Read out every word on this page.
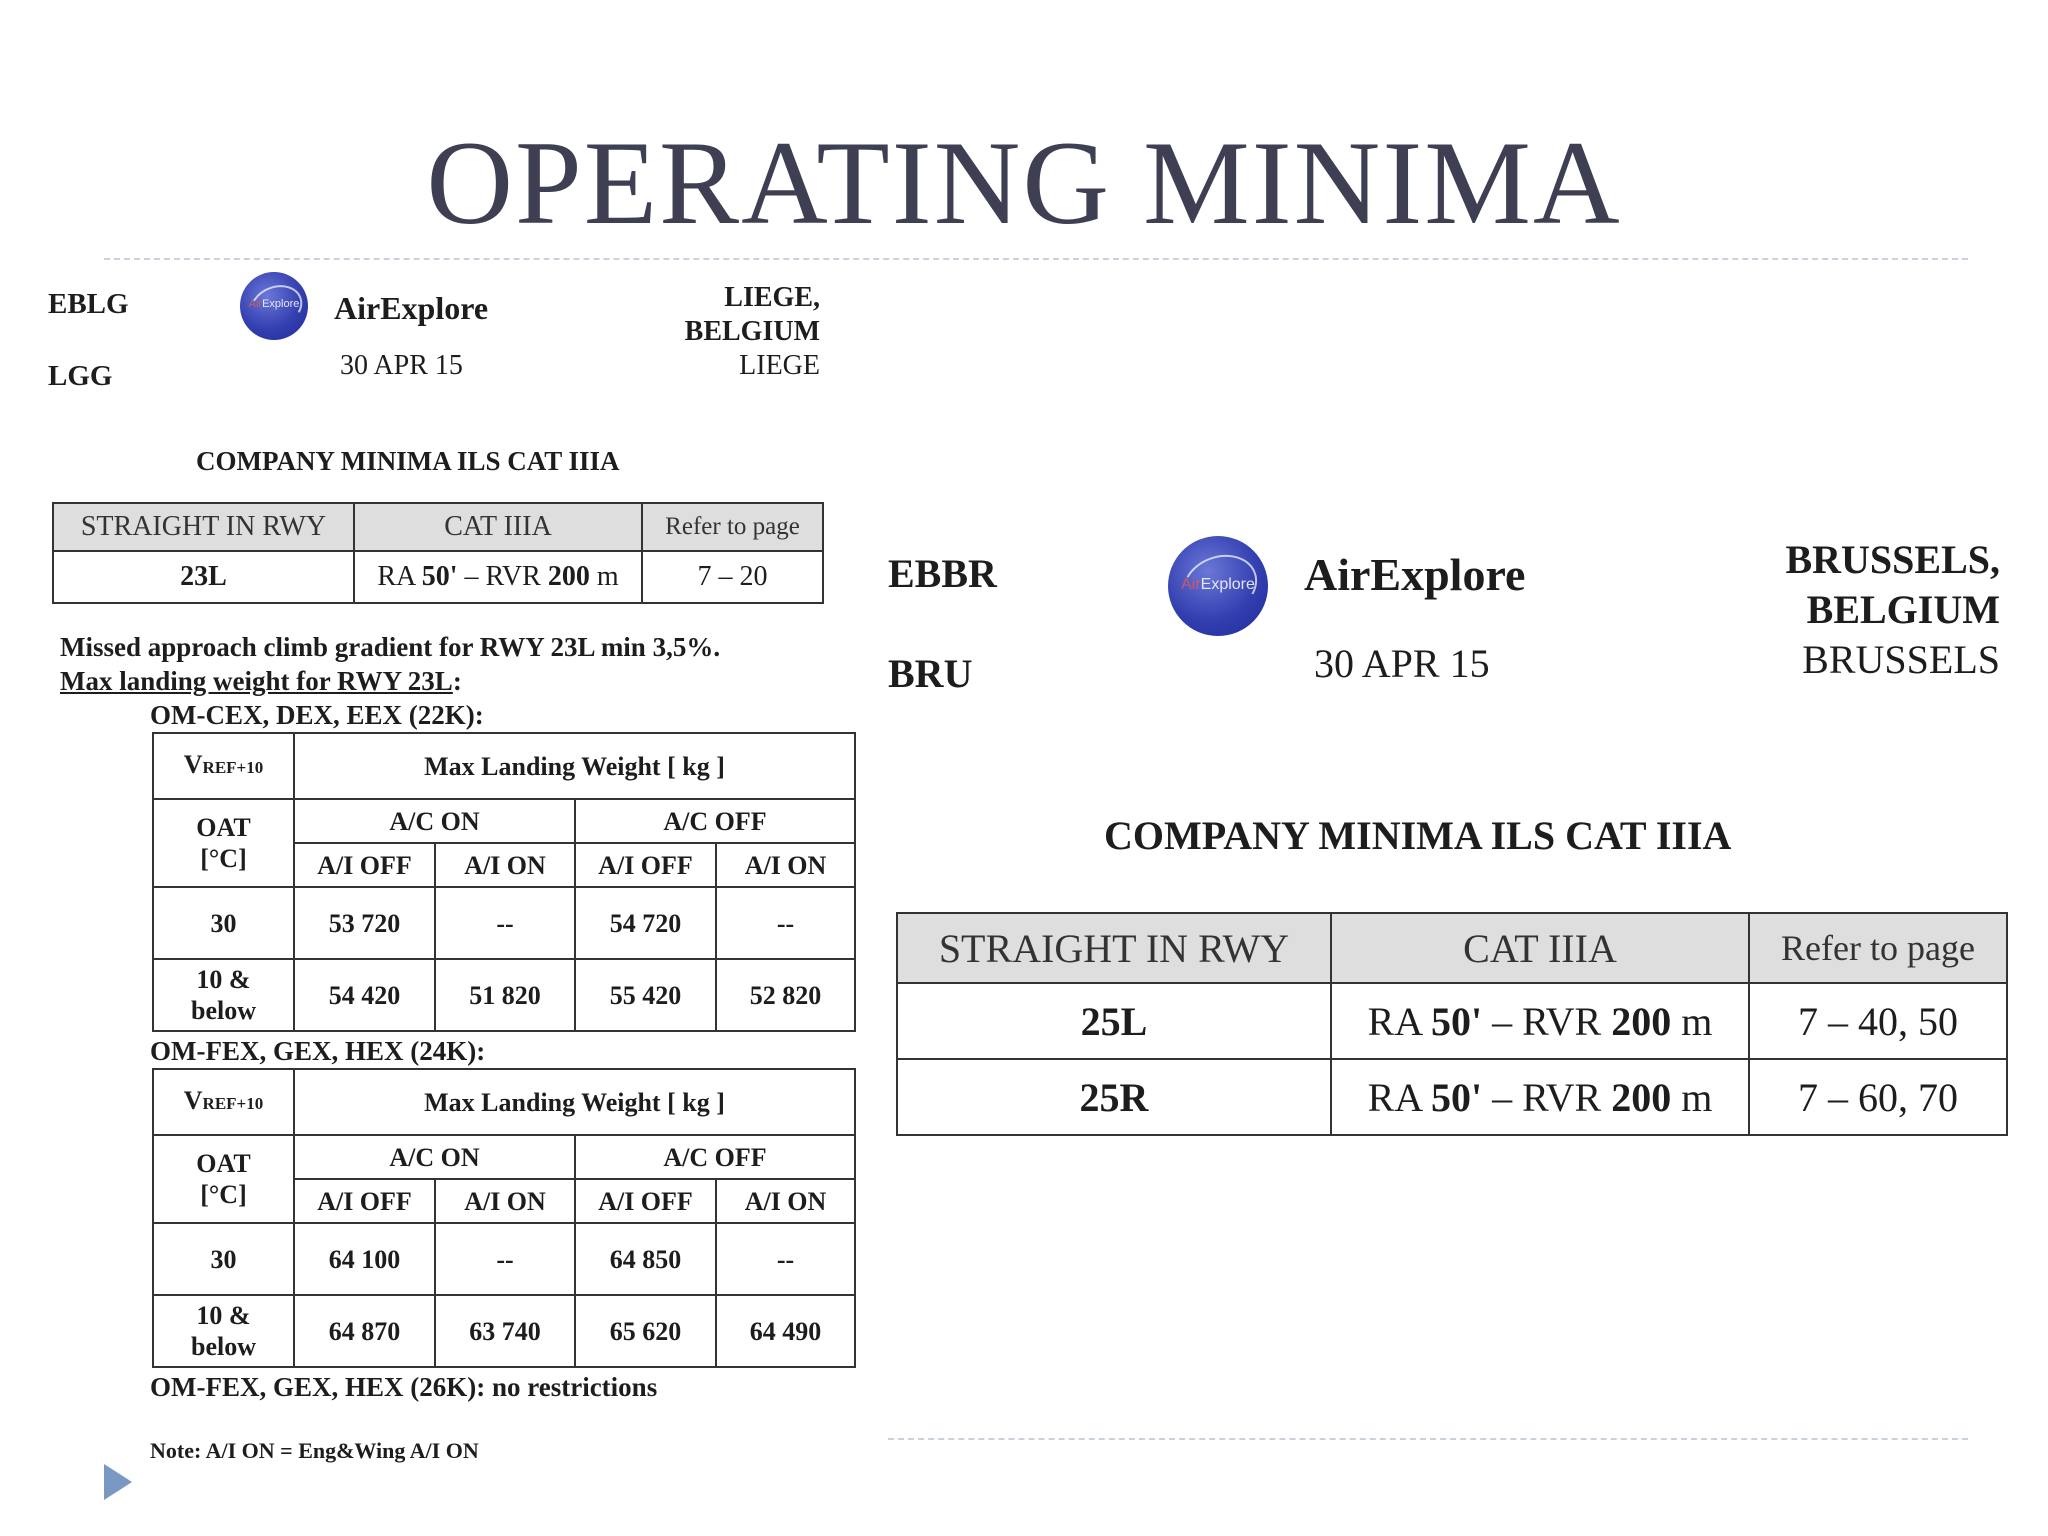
OPERATING MINIMA
EBLG
LGG
AirExplore AirExplore
30 APR 15
LIEGE,
BELGIUM
LIEGE
COMPANY MINIMA ILS CAT IIIA
STRAIGHT IN RWY	CAT IIIA	Refer to page
23L	RA 50' – RVR 200 m	7 – 20
Missed approach climb gradient for RWY 23L min 3,5%.
Max landing weight for RWY 23L:
OM-CEX, DEX, EEX (22K):
VREF+10	Max Landing Weight [ kg ]			

OAT
[°C]	A/C ON		A/C OFF	
	A/I OFF	A/I ON	A/I OFF	A/I ON
30	53 720	--	54 720	--

10 &
below	54 420	51 820	55 420	52 820
OM-FEX, GEX, HEX (24K):
VREF+10	Max Landing Weight [ kg ]			

OAT
[°C]	A/C ON		A/C OFF	
	A/I OFF	A/I ON	A/I OFF	A/I ON
30	64 100	--	64 850	--

10 &
below	64 870	63 740	65 620	64 490
OM-FEX, GEX, HEX (26K): no restrictions
Note: A/I ON = Eng&Wing A/I ON
EBBR
BRU
AirExplore AirExplore
30 APR 15
BRUSSELS,
BELGIUM
BRUSSELS
COMPANY MINIMA ILS CAT IIIA
STRAIGHT IN RWY	CAT IIIA	Refer to page
25L	RA 50' – RVR 200 m	7 – 40, 50
25R	RA 50' – RVR 200 m	7 – 60, 70
